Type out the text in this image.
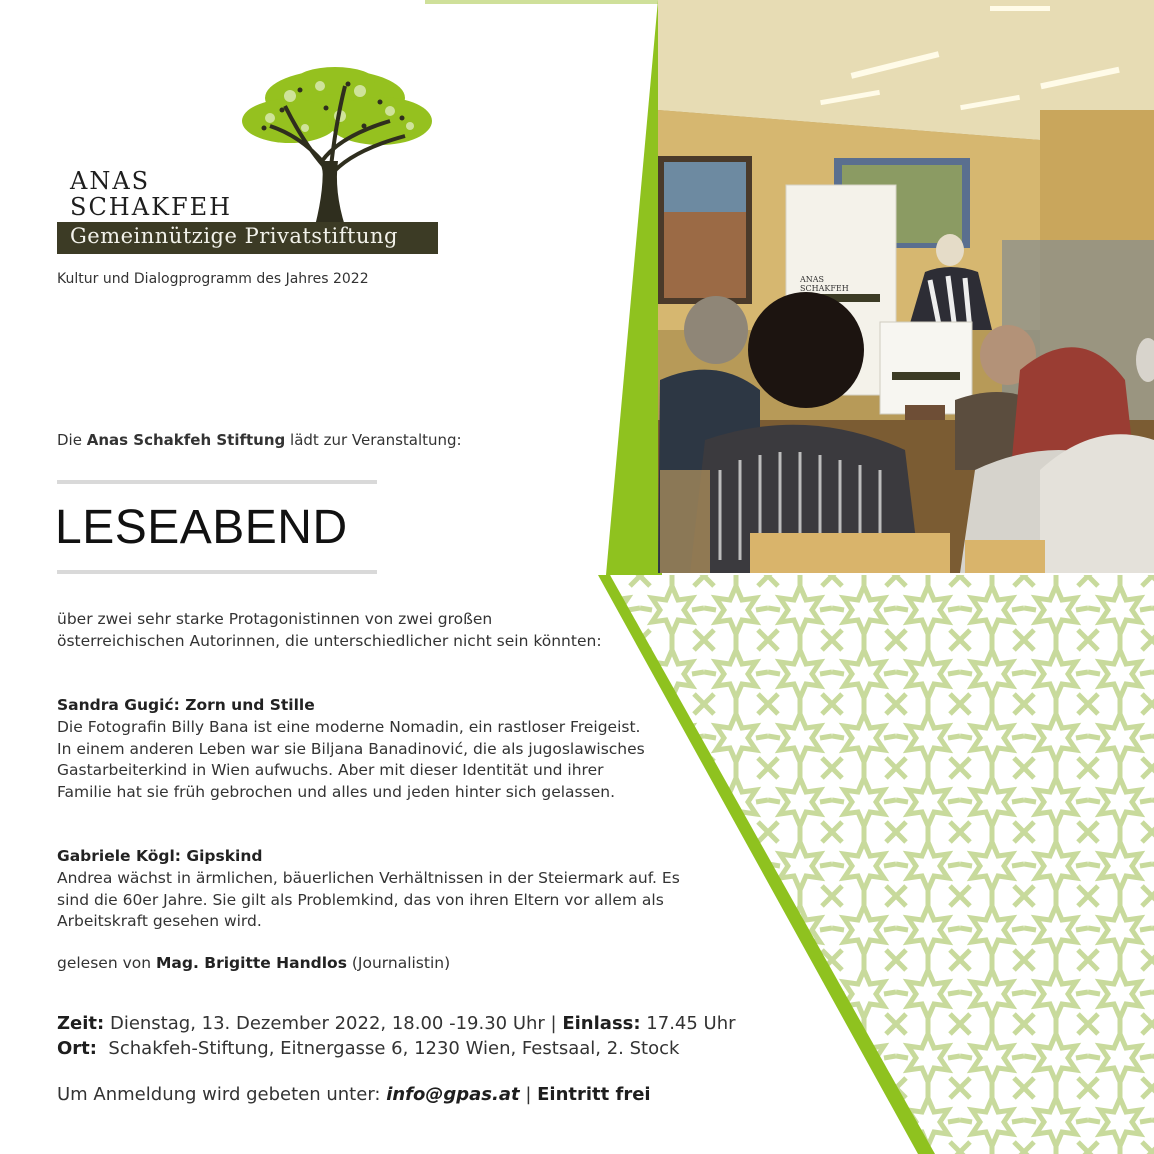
ANAS
SCHAKFEH
ANAS
SCHAKFEH
Gemeinnützige Privatstiftung
Kultur und Dialogprogramm des Jahres 2022
Die Anas Schakfeh Stiftung lädt zur Veranstaltung:
LESEABEND
über zwei sehr starke Protagonistinnen von zwei großen
österreichischen Autorinnen, die unterschiedlicher nicht sein könnten:
Sandra Gugić: Zorn und Stille
Die Fotografin Billy Bana ist eine moderne Nomadin, ein rastloser Freigeist.
In einem anderen Leben war sie Biljana Banadinović, die als jugoslawisches
Gastarbeiterkind in Wien aufwuchs. Aber mit dieser Identität und ihrer
Familie hat sie früh gebrochen und alles und jeden hinter sich gelassen.
Gabriele Kögl: Gipskind
Andrea wächst in ärmlichen, bäuerlichen Verhältnissen in der Steiermark auf. Es
sind die 60er Jahre. Sie gilt als Problemkind, das von ihren Eltern vor allem als
Arbeitskraft gesehen wird.
gelesen von Mag. Brigitte Handlos (Journalistin)
Zeit: Dienstag, 13. Dezember 2022, 18.00 -19.30 Uhr | Einlass: 17.45 Uhr
Ort:  Schakfeh-Stiftung, Eitnergasse 6, 1230 Wien, Festsaal, 2. Stock
Um Anmeldung wird gebeten unter: info@gpas.at | Eintritt frei
